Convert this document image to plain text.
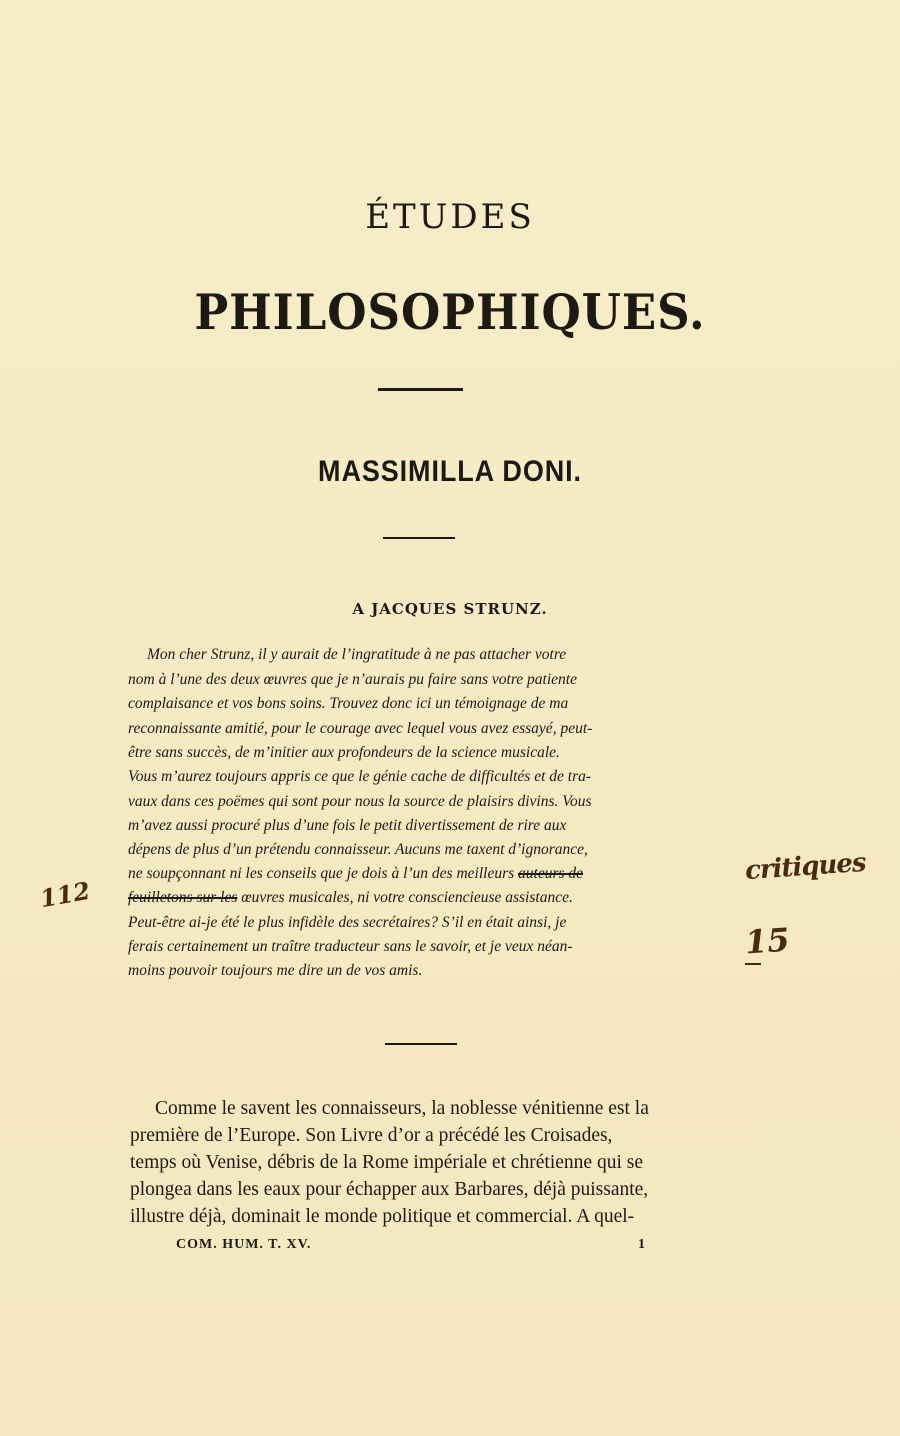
ÉTUDES
PHILOSOPHIQUES.
MASSIMILLA DONI.
A JACQUES STRUNZ.
Mon cher Strunz, il y aurait de l’ingratitude à ne pas attacher votre
nom à l’une des deux œuvres que je n’aurais pu faire sans votre patiente
complaisance et vos bons soins. Trouvez donc ici un témoignage de ma
reconnaissante amitié, pour le courage avec lequel vous avez essayé, peut-
être sans succès, de m’initier aux profondeurs de la science musicale.
Vous m’aurez toujours appris ce que le génie cache de difficultés et de tra-
vaux dans ces poëmes qui sont pour nous la source de plaisirs divins. Vous
m’avez aussi procuré plus d’une fois le petit divertissement de rire aux
dépens de plus d’un prétendu connaisseur. Aucuns me taxent d’ignorance,
ne soupçonnant ni les conseils que je dois à l’un des meilleurs auteurs de
feuilletons sur les œuvres musicales, ni votre consciencieuse assistance.
Peut-être ai-je été le plus infidèle des secrétaires? S’il en était ainsi, je
ferais certainement un traître traducteur sans le savoir, et je veux néan-
moins pouvoir toujours me dire un de vos amis.
Comme le savent les connaisseurs, la noblesse vénitienne est la
première de l’Europe. Son Livre d’or a précédé les Croisades,
temps où Venise, débris de la Rome impériale et chrétienne qui se
plongea dans les eaux pour échapper aux Barbares, déjà puissante,
illustre déjà, dominait le monde politique et commercial. A quel-
COM. HUM. T. XV.	1
critiques
15
112
